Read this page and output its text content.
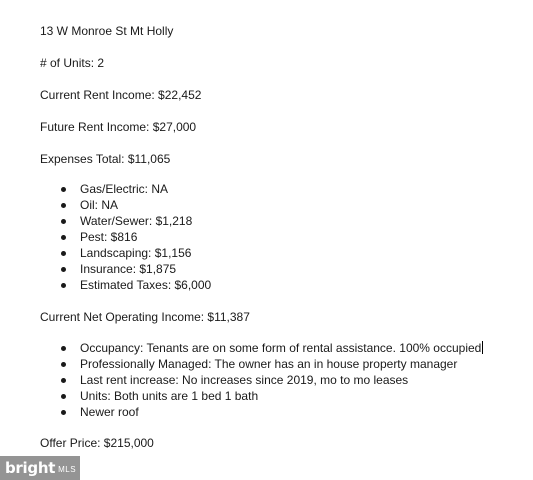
13 W Monroe St Mt Holly
# of Units: 2
Current Rent Income: $22,452
Future Rent Income: $27,000
Expenses Total: $11,065
Gas/Electric: NA
Oil: NA
Water/Sewer: $1,218
Pest: $816
Landscaping: $1,156
Insurance: $1,875
Estimated Taxes: $6,000
Current Net Operating Income: $11,387
Occupancy: Tenants are on some form of rental assistance. 100% occupied
Professionally Managed: The owner has an in house property manager
Last rent increase: No increases since 2019, mo to mo leases
Units: Both units are 1 bed 1 bath
Newer roof
Offer Price: $215,000
bright MLS
